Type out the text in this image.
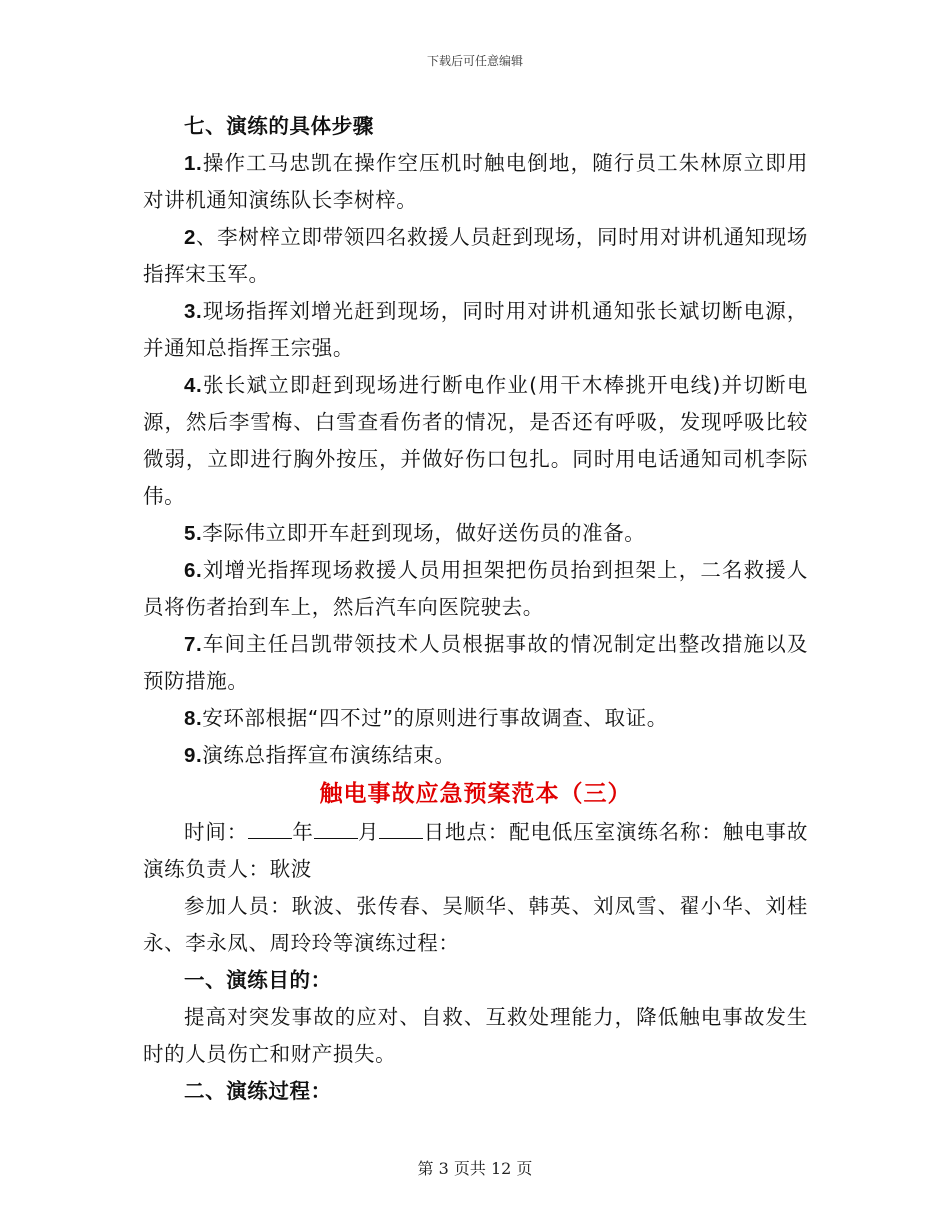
下载后可任意编辑

七、演练的具体步骤

1.操作工马忠凯在操作空压机时触电倒地，随行员工朱林原立即用对讲机通知演练队长李树梓。

2、李树梓立即带领四名救援人员赶到现场，同时用对讲机通知现场指挥宋玉军。

3.现场指挥刘增光赶到现场，同时用对讲机通知张长斌切断电源，并通知总指挥王宗强。

4.张长斌立即赶到现场进行断电作业(用干木棒挑开电线)并切断电源，然后李雪梅、白雪查看伤者的情况，是否还有呼吸，发现呼吸比较微弱，立即进行胸外按压，并做好伤口包扎。同时用电话通知司机李际伟。

5.李际伟立即开车赶到现场，做好送伤员的准备。

6.刘增光指挥现场救援人员用担架把伤员抬到担架上，二名救援人员将伤者抬到车上，然后汽车向医院驶去。

7.车间主任吕凯带领技术人员根据事故的情况制定出整改措施以及预防措施。

8.安环部根据“四不过”的原则进行事故调查、取证。

9.演练总指挥宣布演练结束。

触电事故应急预案范本（三）

时间： 年 月 日地点：配电低压室演练名称：触电事故演练负责人：耿波

参加人员：耿波、张传春、吴顺华、韩英、刘凤雪、翟小华、刘桂永、李永凤、周玲玲等演练过程：

一、演练目的：

提高对突发事故的应对、自救、互救处理能力，降低触电事故发生时的人员伤亡和财产损失。

二、演练过程：

第 3 页共 12 页
